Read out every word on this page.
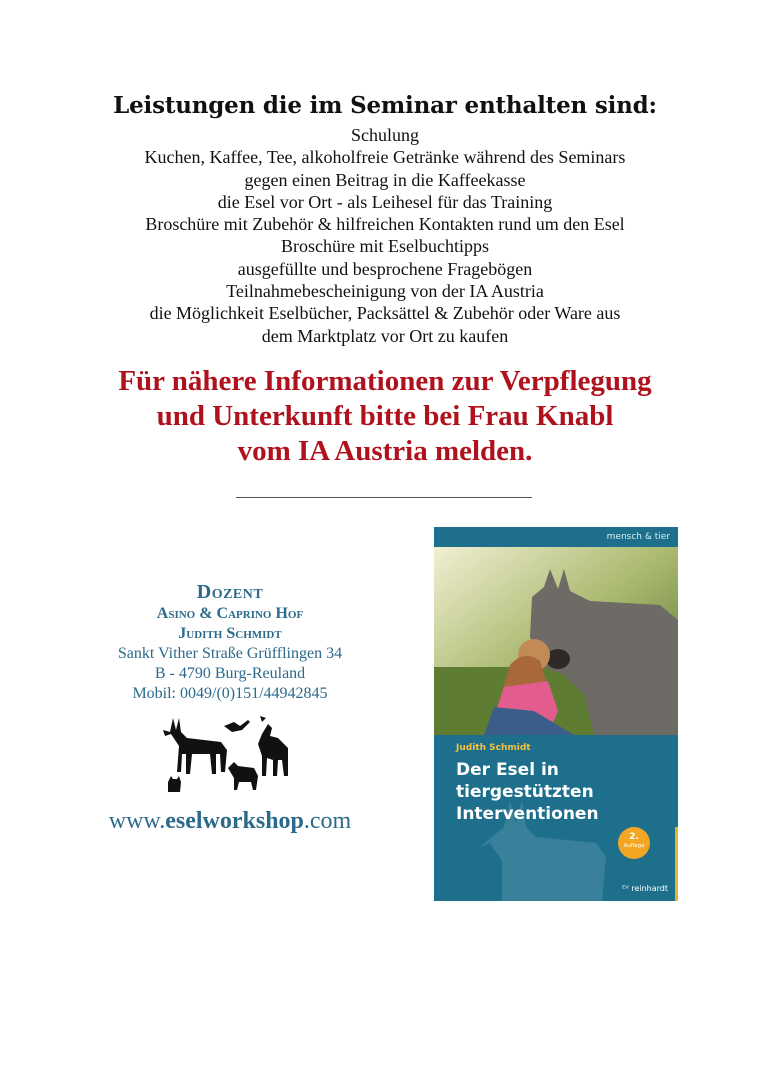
Leistungen die im Seminar enthalten sind:
Schulung
Kuchen, Kaffee, Tee, alkoholfreie Getränke während des Seminars
gegen einen Beitrag in die Kaffeekasse
die Esel vor Ort - als Leihesel für das Training
Broschüre mit Zubehör & hilfreichen Kontakten rund um den Esel
Broschüre mit Eselbuchtipps
ausgefüllte und besprochene Fragebögen
Teilnahmebescheinigung von der IA Austria
die Möglichkeit Eselbücher, Packsättel & Zubehör oder Ware aus
dem Marktplatz vor Ort zu kaufen
Für nähere Informationen zur Verpflegung
und Unterkunft bitte bei Frau Knabl
vom IA Austria melden.
Dozent
Asino & Caprino Hof
Judith Schmidt
Sankt Vither Straße Grüfflingen 34
B - 4790 Burg-Reuland
Mobil: 0049/(0)151/44942845
www.eselworkshop.com
mensch & tier
Judith Schmidt
Der Esel in
tiergestützten
Interventionen
2.
Auflage
ᴱⱽ reinhardt
